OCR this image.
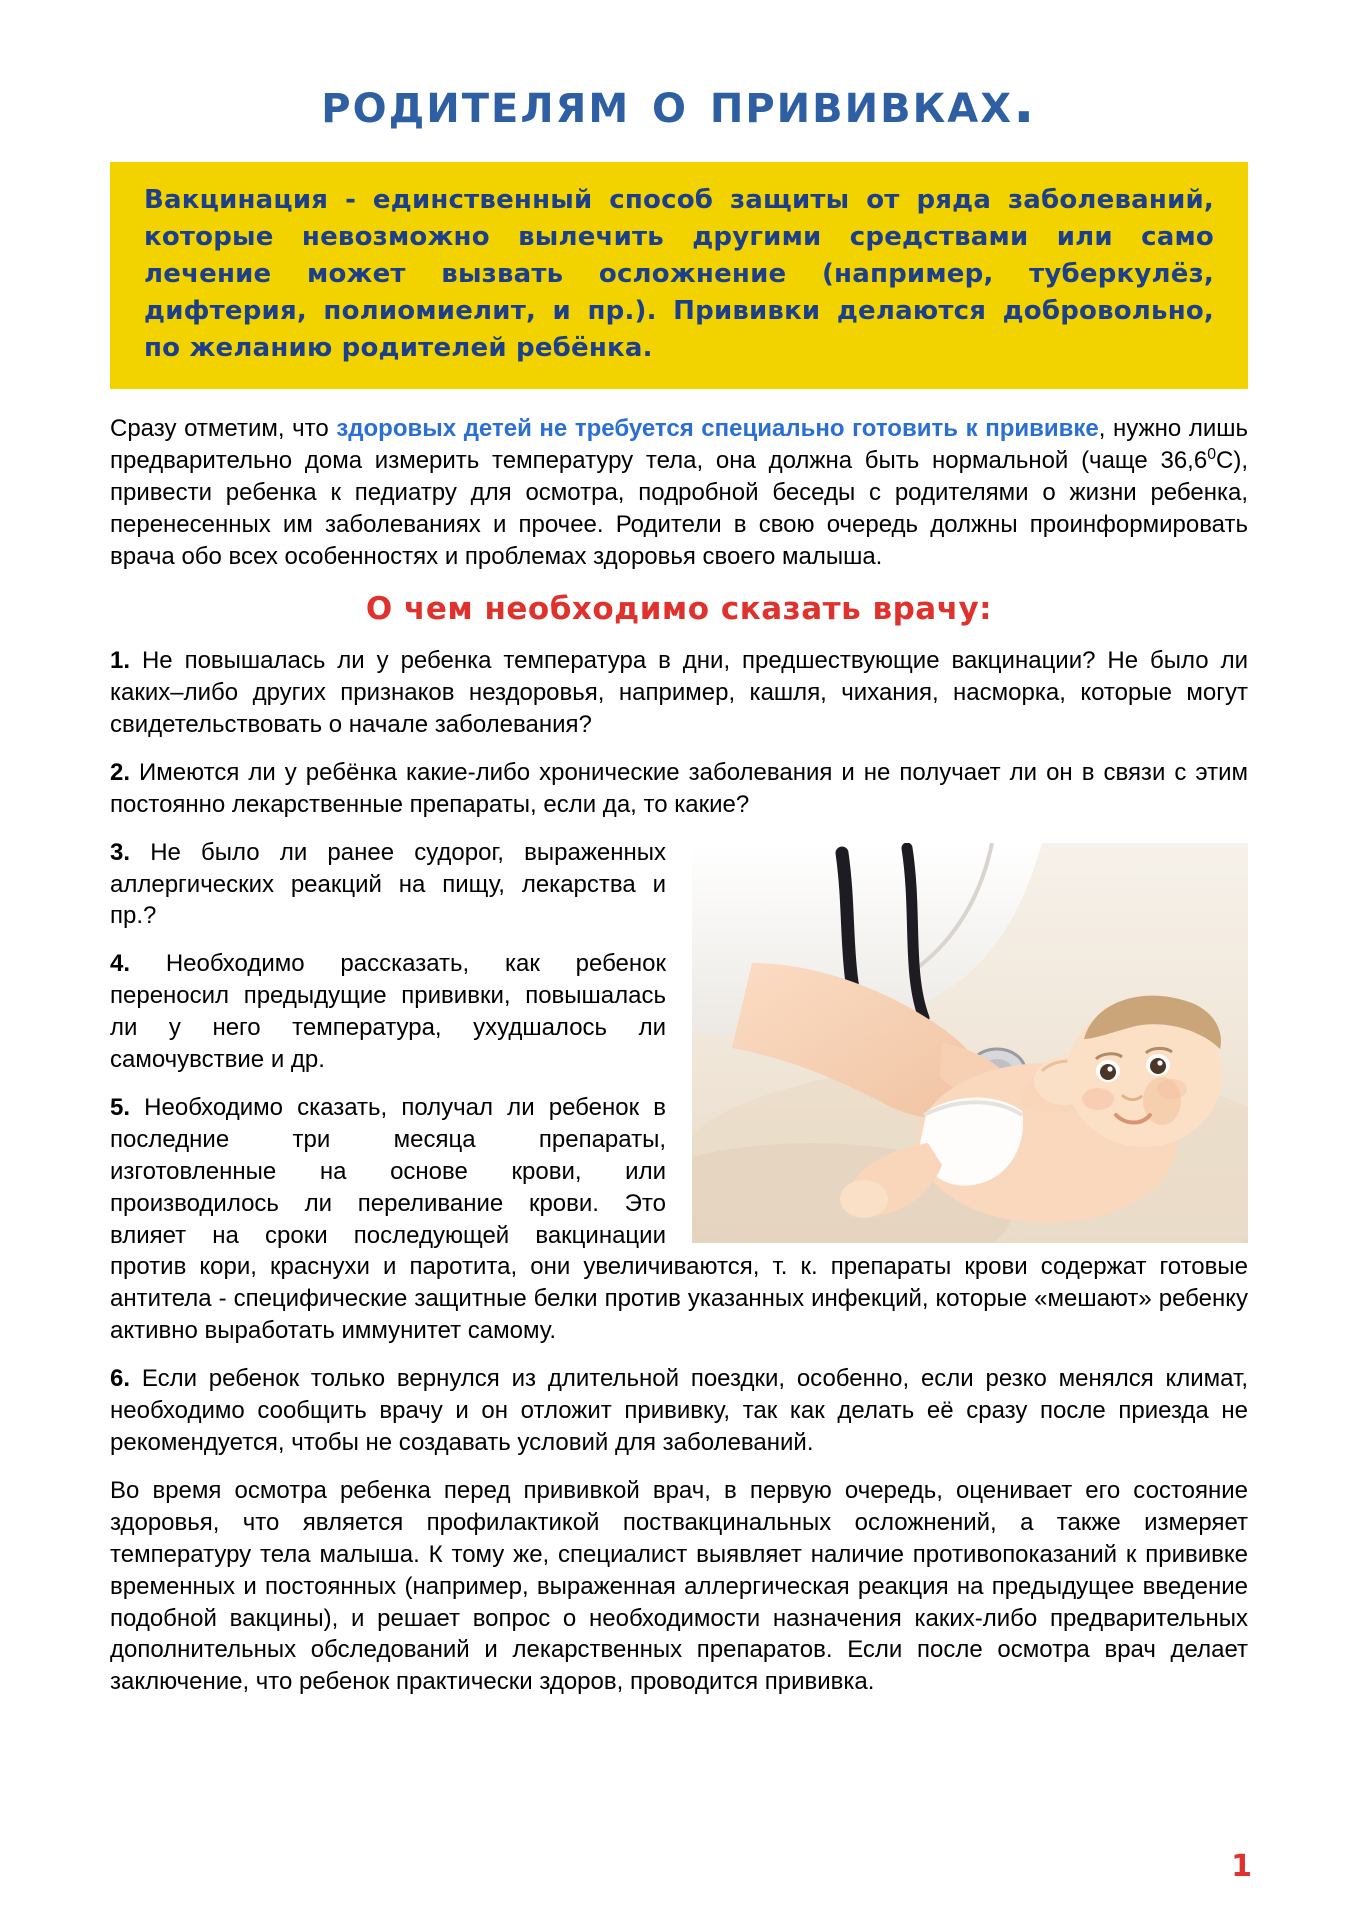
родителям о прививках.
Вакцинация - единственный способ защиты от ряда заболеваний, которые невозможно вылечить другими средствами или само лечение может вызвать осложнение (например, туберкулёз, дифтерия, полиомиелит, и пр.). Прививки делаются добровольно, по желанию родителей ребёнка.

Сразу отметим, что здоровых детей не требуется специально готовить к прививке, нужно лишь предварительно дома измерить температуру тела, она должна быть нормальной (чаще 36,6$^0$С), привести ребенка к педиатру для осмотра, подробной беседы с родителями о жизни ребенка, перенесенных им заболеваниях и прочее. Родители в свою очередь должны проинформировать врача обо всех особенностях и проблемах здоровья своего малыша.

О чем необходимо сказать врачу:

1. Не повышалась ли у ребенка температура в дни, предшествующие вакцинации? Не было ли каких–либо других признаков нездоровья, например, кашля, чихания, насморка, которые могут свидетельствовать о начале заболевания?

2. Имеются ли у ребёнка какие-либо хронические заболевания и не получает ли он в связи с этим постоянно лекарственные препараты, если да, то какие?

3. Не было ли ранее судорог, выраженных аллергических реакций на пищу, лекарства и пр.?

4. Необходимо рассказать, как ребенок переносил предыдущие прививки, повышалась ли у него температура, ухудшалось ли самочувствие и др.

5. Необходимо сказать, получал ли ребенок в последние три месяца препараты, изготовленные на основе крови, или производилось ли переливание крови. Это влияет на сроки последующей вакцинации против кори, краснухи и паротита, они увеличиваются, т. к. препараты крови содержат готовые антитела - специфические защитные белки против указанных инфекций, которые «мешают» ребенку активно выработать иммунитет самому.

6. Если ребенок только вернулся из длительной поездки, особенно, если резко менялся климат, необходимо сообщить врачу и он отложит прививку, так как делать её сразу после приезда не рекомендуется, чтобы не создавать условий для заболеваний.

Во время осмотра ребенка перед прививкой врач, в первую очередь, оценивает его состояние здоровья, что является профилактикой поствакцинальных осложнений, а также измеряет температуру тела малыша. К тому же, специалист выявляет наличие противопоказаний к прививке временных и постоянных (например, выраженная аллергическая реакция на предыдущее введение подобной вакцины), и решает вопрос о необходимости назначения каких-либо предварительных дополнительных обследований и лекарственных препаратов. Если после осмотра врач делает заключение, что ребенок практически здоров, проводится прививка.

1
